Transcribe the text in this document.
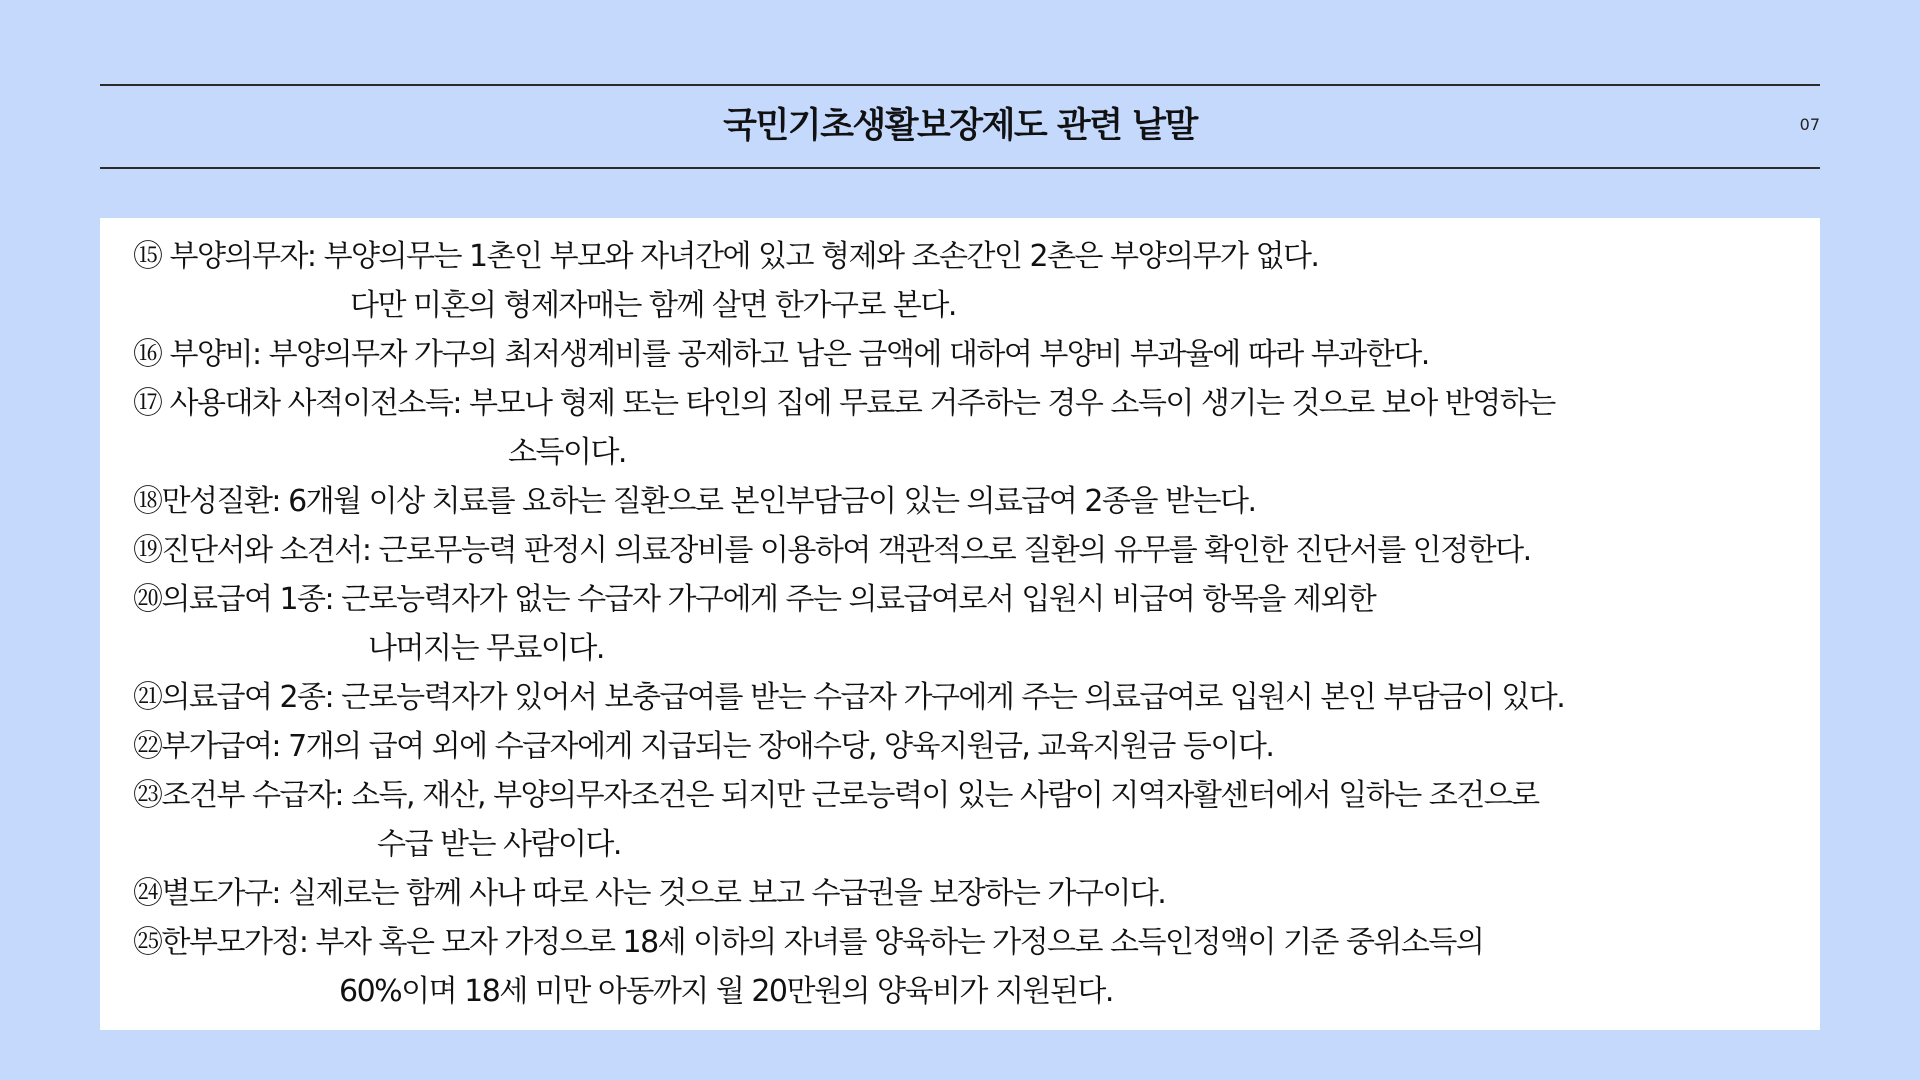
국민기초생활보장제도 관련 낱말	07
⑮ 부양의무자: 부양의무는 1촌인 부모와 자녀간에 있고 형제와 조손간인 2촌은 부양의무가 없다.
다만 미혼의 형제자매는 함께 살면 한가구로 본다.
⑯ 부양비: 부양의무자 가구의 최저생계비를 공제하고 남은 금액에 대하여 부양비 부과율에 따라 부과한다.
⑰ 사용대차 사적이전소득: 부모나 형제 또는 타인의 집에 무료로 거주하는 경우 소득이 생기는 것으로 보아 반영하는
소득이다.
⑱만성질환: 6개월 이상 치료를 요하는 질환으로 본인부담금이 있는 의료급여 2종을 받는다.
⑲진단서와 소견서: 근로무능력 판정시 의료장비를 이용하여 객관적으로 질환의 유무를 확인한 진단서를 인정한다.
⑳의료급여 1종: 근로능력자가 없는 수급자 가구에게 주는 의료급여로서 입원시 비급여 항목을 제외한
나머지는 무료이다.
㉑의료급여 2종: 근로능력자가 있어서 보충급여를 받는 수급자 가구에게 주는 의료급여로 입원시 본인 부담금이 있다.
㉒부가급여: 7개의 급여 외에 수급자에게 지급되는 장애수당, 양육지원금, 교육지원금 등이다.
㉓조건부 수급자: 소득, 재산, 부양의무자조건은 되지만 근로능력이 있는 사람이 지역자활센터에서 일하는 조건으로
수급 받는 사람이다.
㉔별도가구: 실제로는 함께 사나 따로 사는 것으로 보고 수급권을 보장하는 가구이다.
㉕한부모가정: 부자 혹은 모자 가정으로 18세 이하의 자녀를 양육하는 가정으로 소득인정액이 기준 중위소득의
60%이며 18세 미만 아동까지 월 20만원의 양육비가 지원된다.
